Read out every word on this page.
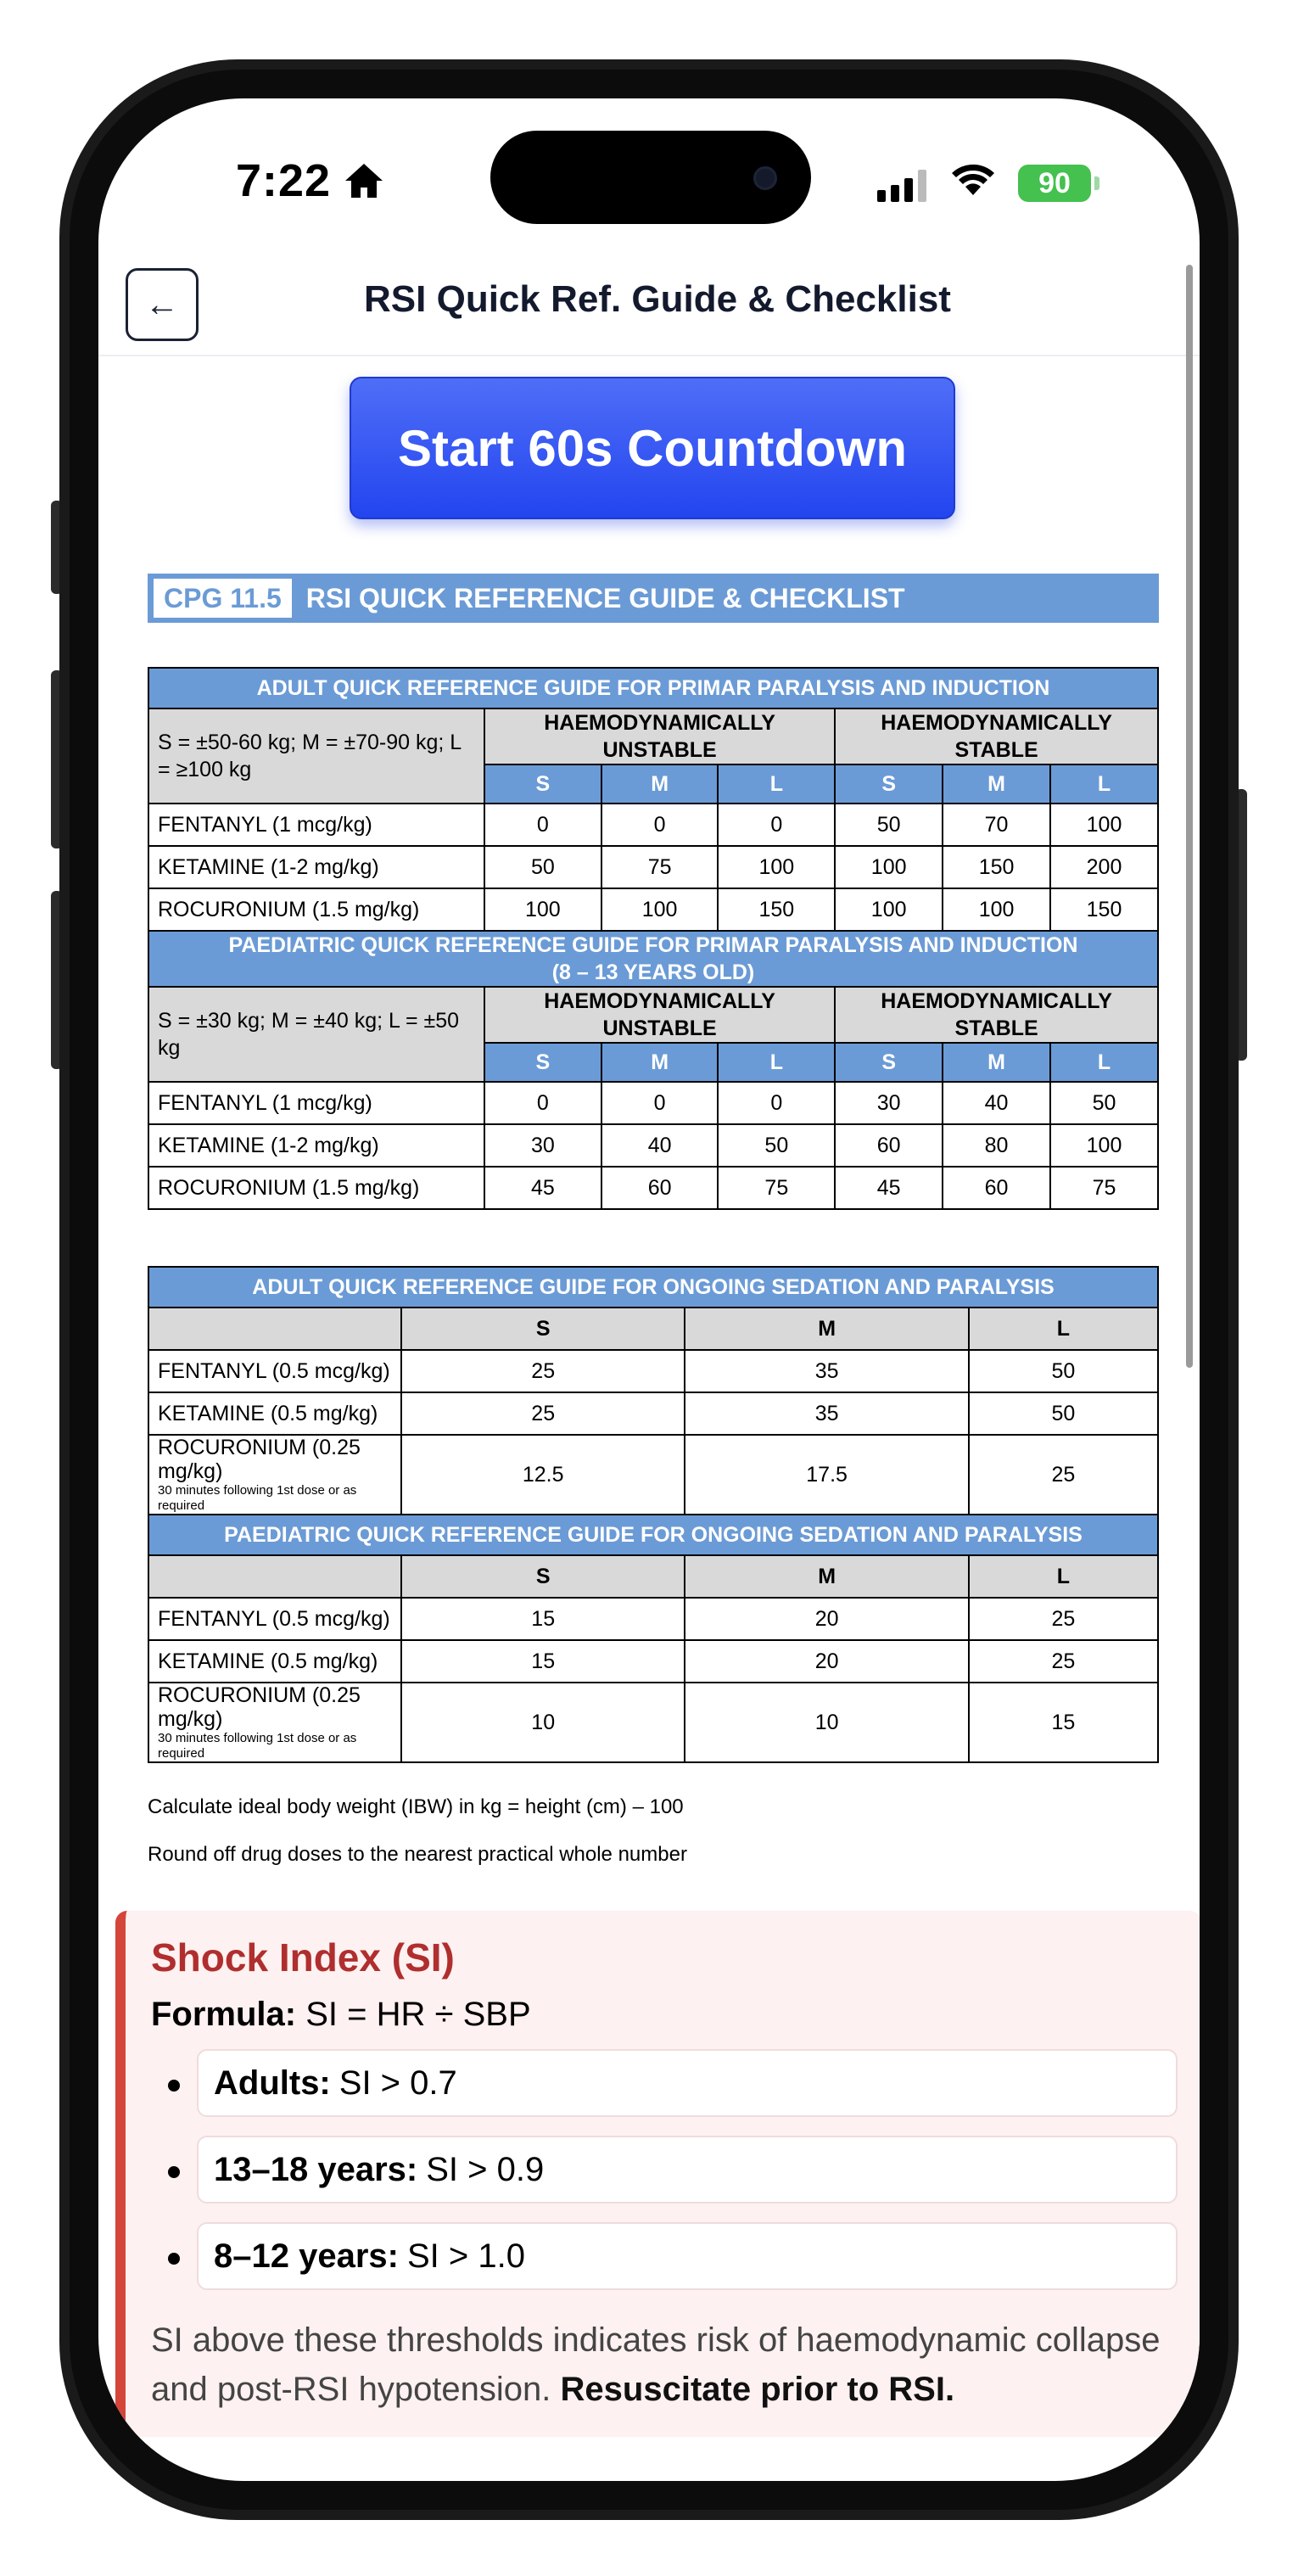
7:22	90
←	RSI Quick Ref. Guide & Checklist
Start 60s Countdown
CPG 11.5 RSI QUICK REFERENCE GUIDE & CHECKLIST
ADULT QUICK REFERENCE GUIDE FOR PRIMAR PARALYSIS AND INDUCTION						
S = ±50-60 kg; M = ±70-90 kg; L = ≥100 kg	HAEMODYNAMICALLY UNSTABLE			HAEMODYNAMICALLY STABLE		
	S	M	L	S	M	L
FENTANYL (1 mcg/kg)	0	0	0	50	70	100
KETAMINE (1-2 mg/kg)	50	75	100	100	150	200
ROCURONIUM (1.5 mg/kg)	100	100	150	100	100	150
PAEDIATRIC QUICK REFERENCE GUIDE FOR PRIMAR PARALYSIS AND INDUCTION
(8 – 13 YEARS OLD)						
S = ±30 kg; M = ±40 kg; L = ±50 kg	HAEMODYNAMICALLY UNSTABLE			HAEMODYNAMICALLY STABLE		
	S	M	L	S	M	L
FENTANYL (1 mcg/kg)	0	0	0	30	40	50
KETAMINE (1-2 mg/kg)	30	40	50	60	80	100
ROCURONIUM (1.5 mg/kg)	45	60	75	45	60	75
ADULT QUICK REFERENCE GUIDE FOR ONGOING SEDATION AND PARALYSIS			
	S	M	L
FENTANYL (0.5 mcg/kg)	25	35	50
KETAMINE (0.5 mg/kg)	25	35	50
ROCURONIUM (0.25 mg/kg)
30 minutes following 1st dose or as required	12.5	17.5	25
PAEDIATRIC QUICK REFERENCE GUIDE FOR ONGOING SEDATION AND PARALYSIS			
	S	M	L
FENTANYL (0.5 mcg/kg)	15	20	25
KETAMINE (0.5 mg/kg)	15	20	25
ROCURONIUM (0.25 mg/kg)
30 minutes following 1st dose or as required	10	10	15
Calculate ideal body weight (IBW) in kg = height (cm) – 100
Round off drug doses to the nearest practical whole number
Shock Index (SI)
Formula: SI = HR ÷ SBP
Adults: SI > 0.7
13–18 years: SI > 0.9
8–12 years: SI > 1.0

SI above these thresholds indicates risk of haemodynamic collapse and post-RSI hypotension. Resuscitate prior to RSI.
